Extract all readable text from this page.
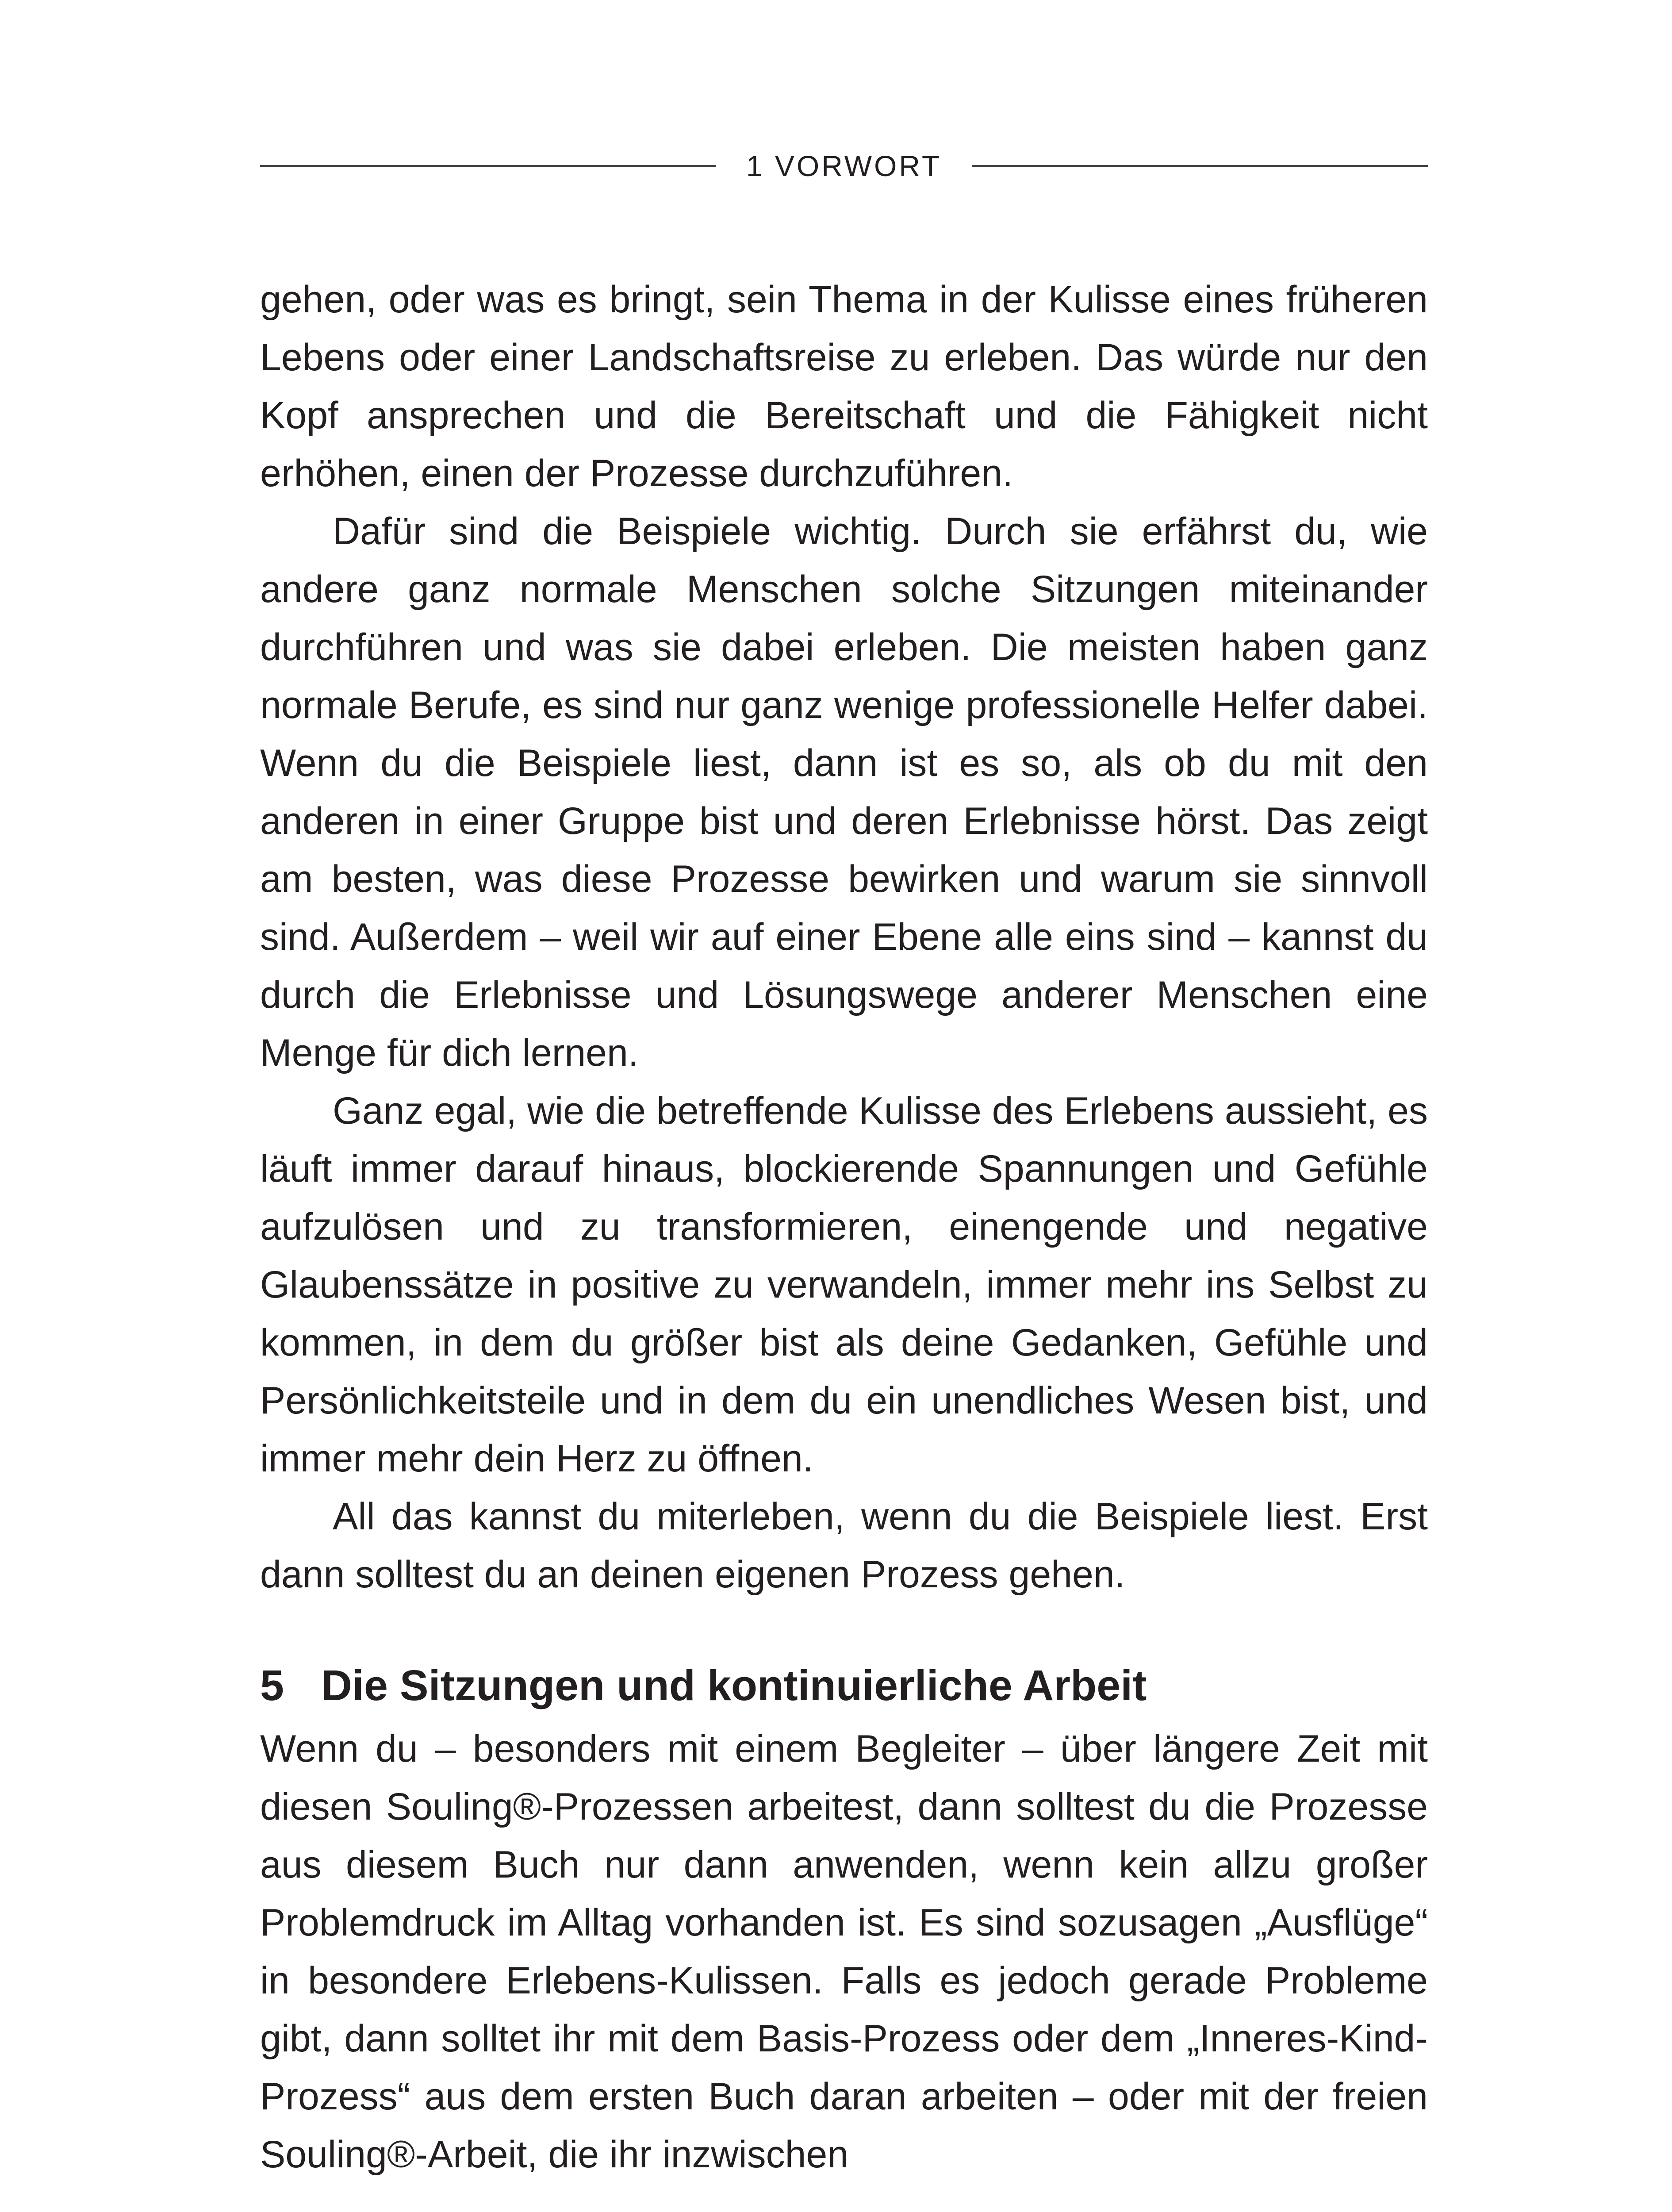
1 VORWORT

gehen, oder was es bringt, sein Thema in der Kulisse eines früheren Lebens oder einer Landschaftsreise zu erleben. Das würde nur den Kopf ansprechen und die Bereitschaft und die Fähigkeit nicht erhöhen, einen der Prozesse durchzuführen.

Dafür sind die Beispiele wichtig. Durch sie erfährst du, wie andere ganz normale Menschen solche Sitzungen miteinander durchführen und was sie dabei erleben. Die meisten haben ganz normale Berufe, es sind nur ganz wenige professionelle Helfer dabei. Wenn du die Beispiele liest, dann ist es so, als ob du mit den anderen in einer Gruppe bist und deren Erlebnisse hörst. Das zeigt am besten, was diese Prozesse bewirken und warum sie sinnvoll sind. Außerdem – weil wir auf einer Ebene alle eins sind – kannst du durch die Erlebnisse und Lösungswege anderer Menschen eine Menge für dich lernen.

Ganz egal, wie die betreffende Kulisse des Erlebens aussieht, es läuft immer darauf hinaus, blockierende Spannungen und Gefühle aufzulösen und zu transformieren, einengende und negative Glaubenssätze in positive zu verwandeln, immer mehr ins Selbst zu kommen, in dem du größer bist als deine Gedanken, Gefühle und Persönlichkeitsteile und in dem du ein unendliches Wesen bist, und immer mehr dein Herz zu öffnen.

All das kannst du miterleben, wenn du die Beispiele liest. Erst dann solltest du an deinen eigenen Prozess gehen.

5 Die Sitzungen und kontinuierliche Arbeit

Wenn du – besonders mit einem Begleiter – über längere Zeit mit diesen Souling®-Prozessen arbeitest, dann solltest du die Prozesse aus diesem Buch nur dann anwenden, wenn kein allzu großer Problemdruck im Alltag vorhanden ist. Es sind sozusagen „Ausflüge“ in besondere Erlebens-Kulissen. Falls es jedoch gerade Probleme gibt, dann solltet ihr mit dem Basis-Prozess oder dem „Inneres-Kind-Prozess“ aus dem ersten Buch daran arbeiten – oder mit der freien Souling®-Arbeit, die ihr inzwischen
